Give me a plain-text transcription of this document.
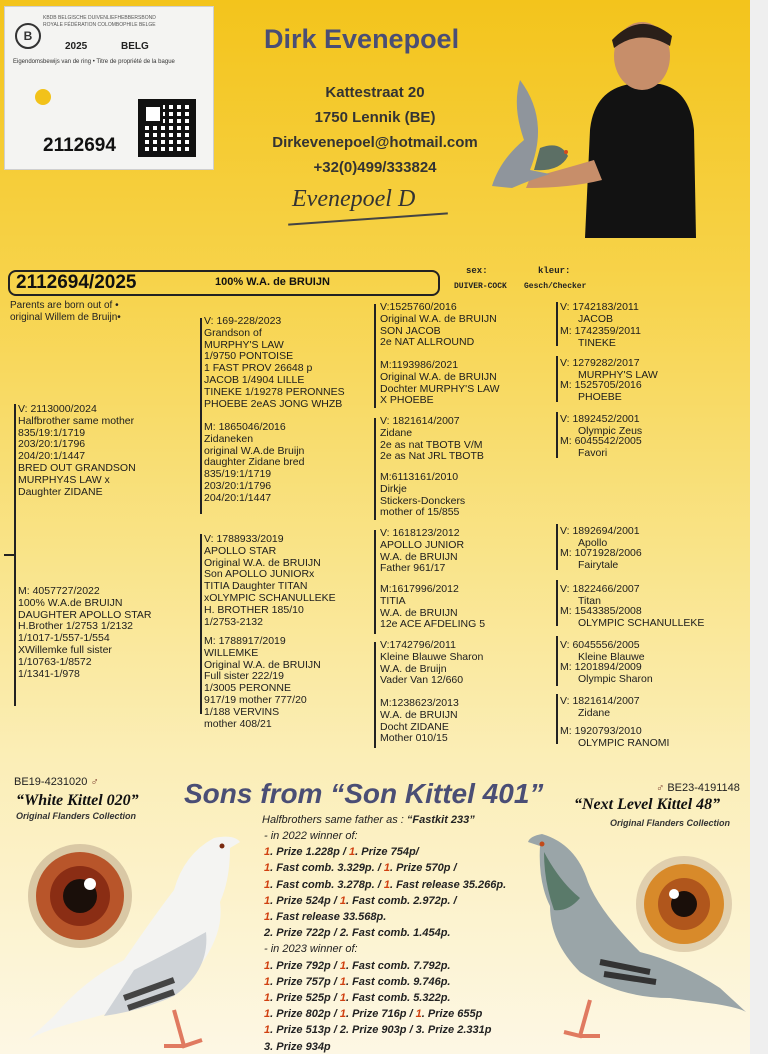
B
KBDB BELGISCHE DUIVENLIEFHEBBERSBOND
ROYALE FÉDÉRATION COLOMBOPHILE BELGE
2025	BELG
Eigendomsbewijs van de ring • Titre de propriété de la bague
2112694
Dirk Evenepoel
Kattestraat 20
1750 Lennik (BE)
Dirkevenepoel@hotmail.com
+32(0)499/333824
Evenepoel D
2112694/2025	100% W.A. de BRUIJN
sex:
DUIVER-COCK
kleur:
Gesch/Checker
Parents are born out of •
original Willem de Bruijn•
V: 2113000/2024
Halfbrother same mother
835/19:1/1719
203/20:1/1796
204/20:1/1447
BRED OUT GRANDSON
MURPHY4S LAW x
Daughter ZIDANE
M: 4057727/2022
100% W.A.de BRUIJN
DAUGHTER APOLLO STAR
H.Brother 1/2753 1/2132
1/1017-1/557-1/554
XWillemke full sister
1/10763-1/8572
1/1341-1/978
V: 169-228/2023
Grandson of
MURPHY'S LAW
1/9750 PONTOISE
1 FAST PROV 26648 p
JACOB 1/4904 LILLE
TINEKE 1/19278 PERONNES
PHOEBE 2eAS JONG WHZB
M: 1865046/2016
Zidaneken
original W.A.de Bruijn
daughter Zidane bred
835/19:1/1719
203/20:1/1796
204/20:1/1447
V: 1788933/2019
APOLLO STAR
Original W.A. de BRUIJN
Son APOLLO JUNIORx
TITIA Daughter TITAN
xOLYMPIC SCHANULLEKE
H. BROTHER 185/10
1/2753-2132
M: 1788917/2019
WILLEMKE
Original W.A. de BRUIJN
Full sister 222/19
1/3005 PERONNE
917/19 mother 777/20
1/188 VERVINS
mother 408/21
V:1525760/2016
Original W.A. de BRUIJN
SON JACOB
2e NAT ALLROUND
M:1193986/2021
Original W.A. de BRUIJN
Dochter MURPHY'S LAW
X PHOEBE
V: 1821614/2007
Zidane
2e as nat TBOTB V/M
2e as Nat JRL TBOTB
M:6113161/2010
Dirkje
Stickers-Donckers
mother of 15/855
V: 1618123/2012
APOLLO JUNIOR
W.A. de BRUIJN
Father 961/17
M:1617996/2012
TITIA
W.A. de BRUIJN
12e ACE AFDELING 5
V:1742796/2011
Kleine Blauwe Sharon
W.A. de Bruijn
Vader Van 12/660
M:1238623/2013
W.A. de BRUIJN
Docht ZIDANE
Mother 010/15
V: 1742183/2011
JACOB
M: 1742359/2011
TINEKE
V: 1279282/2017
MURPHY'S LAW
M: 1525705/2016
PHOEBE
V: 1892452/2001
Olympic Zeus
M: 6045542/2005
Favori
V: 1892694/2001
Apollo
M: 1071928/2006
Fairytale
V: 1822466/2007
Titan
M: 1543385/2008
OLYMPIC SCHANULLEKE
V: 6045556/2005
Kleine Blauwe
M: 1201894/2009
Olympic Sharon
V: 1821614/2007
Zidane
M: 1920793/2010
OLYMPIC RANOMI
BE19-4231020 ♂
“White Kittel 020”
Original Flanders Collection
Sons from “Son Kittel 401”	♂ BE23-4191148
“Next Level Kittel 48”
Original Flanders Collection
Halfbrothers same father as : “Fastkit 233”
- in 2022 winner of:
1. Prize 1.228p / 1. Prize 754p/
1. Fast comb. 3.329p. / 1. Prize 570p /
1. Fast comb. 3.278p. / 1. Fast release 35.266p.
1. Prize 524p / 1. Fast comb. 2.972p. /
1. Fast release 33.568p.
2. Prize 722p / 2. Fast comb. 1.454p.
- in 2023 winner of:
1. Prize 792p / 1. Fast comb. 7.792p.
1. Prize 757p / 1. Fast comb. 9.746p.
1. Prize 525p / 1. Fast comb. 5.322p.
1. Prize 802p / 1. Prize 716p / 1. Prize 655p
1. Prize 513p / 2. Prize 903p / 3. Prize 2.331p
3. Prize 934p
